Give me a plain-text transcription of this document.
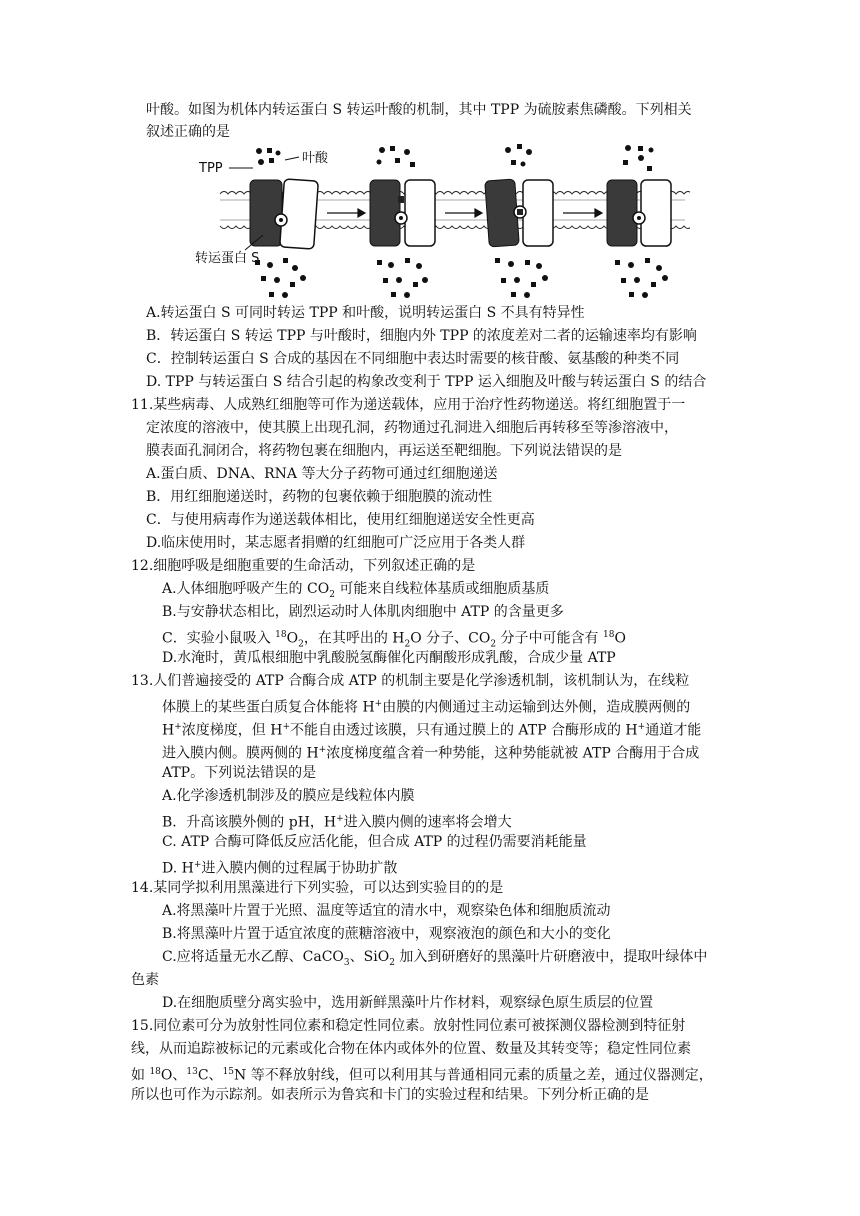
叶酸。如图为机体内转运蛋白 S 转运叶酸的机制，其中 TPP 为硫胺素焦磷酸。下列相关
叙述正确的是
TPP
叶酸
转运蛋白 S
A.转运蛋白 S 可同时转运 TPP 和叶酸，说明转运蛋白 S 不具有特异性
B．转运蛋白 S 转运 TPP 与叶酸时，细胞内外 TPP 的浓度差对二者的运输速率均有影响
C．控制转运蛋白 S 合成的基因在不同细胞中表达时需要的核苷酸、氨基酸的种类不同
D. TPP 与转运蛋白 S 结合引起的构象改变利于 TPP 运入细胞及叶酸与转运蛋白 S 的结合
11.某些病毒、人成熟红细胞等可作为递送载体，应用于治疗性药物递送。将红细胞置于一
定浓度的溶液中，使其膜上出现孔洞，药物通过孔洞进入细胞后再转移至等渗溶液中，
膜表面孔洞闭合，将药物包裹在细胞内，再运送至靶细胞。下列说法错误的是
A.蛋白质、DNA、RNA 等大分子药物可通过红细胞递送
B．用红细胞递送时，药物的包裹依赖于细胞膜的流动性
C．与使用病毒作为递送载体相比，使用红细胞递送安全性更高
D.临床使用时，某志愿者捐赠的红细胞可广泛应用于各类人群
12.细胞呼吸是细胞重要的生命活动，下列叙述正确的是
A.人体细胞呼吸产生的 $CO_2$ 可能来自线粒体基质或细胞质基质
B.与安静状态相比，剧烈运动时人体肌肉细胞中 ATP 的含量更多
C．实验小鼠吸入 $^{18}O_2$，在其呼出的 $H_2O$ 分子、$CO_2$ 分子中可能含有 $^{18}$O
D.水淹时，黄瓜根细胞中乳酸脱氢酶催化丙酮酸形成乳酸，合成少量 ATP
13.人们普遍接受的 ATP 合酶合成 ATP 的机制主要是化学渗透机制，该机制认为，在线粒
体膜上的某些蛋白质复合体能将 H+由膜的内侧通过主动运输到达外侧，造成膜两侧的
H+浓度梯度，但 H+不能自由透过该膜，只有通过膜上的 ATP 合酶形成的 H+通道才能
进入膜内侧。膜两侧的 H+浓度梯度蕴含着一种势能，这种势能就被 ATP 合酶用于合成
ATP。下列说法错误的是
A.化学渗透机制涉及的膜应是线粒体内膜
B．升高该膜外侧的 pH，H+进入膜内侧的速率将会增大
C. ATP 合酶可降低反应活化能，但合成 ATP 的过程仍需要消耗能量
D. H+进入膜内侧的过程属于协助扩散
14.某同学拟利用黑藻进行下列实验，可以达到实验目的的是
A.将黑藻叶片置于光照、温度等适宜的清水中，观察染色体和细胞质流动
B.将黑藻叶片置于适宜浓度的蔗糖溶液中，观察液泡的颜色和大小的变化
C.应将适量无水乙醇、CaCO$_3$、SiO$_2$ 加入到研磨好的黑藻叶片研磨液中，提取叶绿体中
色素
D.在细胞质壁分离实验中，选用新鲜黑藻叶片作材料，观察绿色原生质层的位置
15.同位素可分为放射性同位素和稳定性同位素。放射性同位素可被探测仪器检测到特征射
线，从而追踪被标记的元素或化合物在体内或体外的位置、数量及其转变等；稳定性同位素
如 $^{18}$O、$^{13}$C、$^{15}$N 等不释放射线，但可以利用其与普通相同元素的质量之差，通过仪器测定，
所以也可作为示踪剂。如表所示为鲁宾和卡门的实验过程和结果。下列分析正确的是
